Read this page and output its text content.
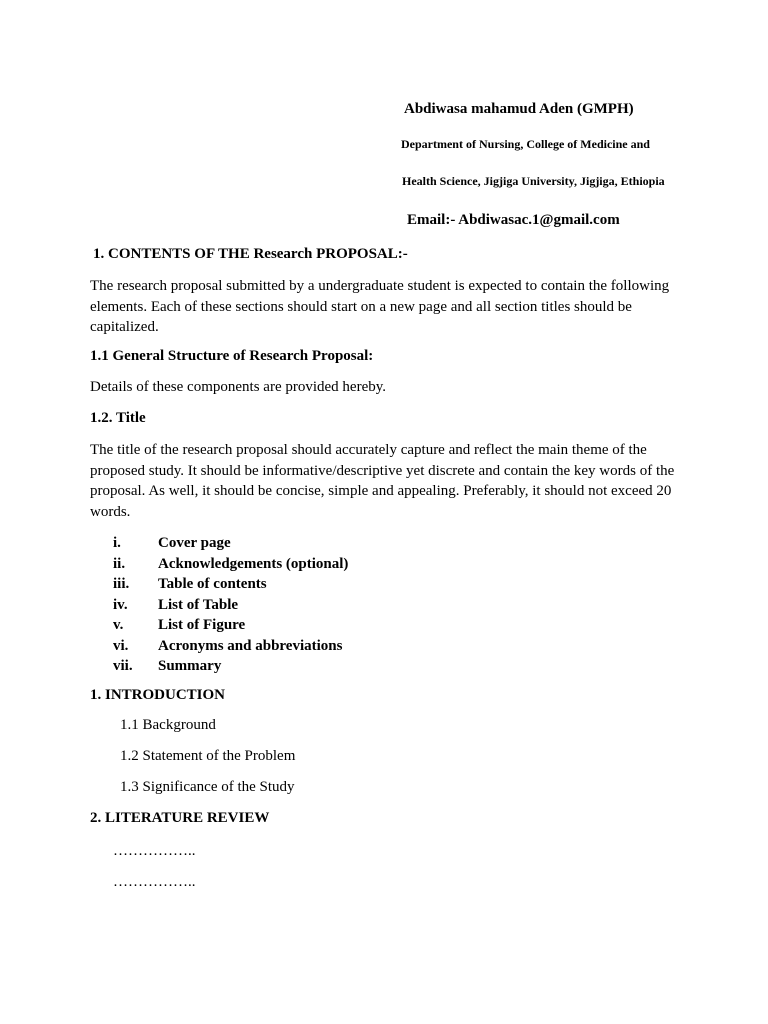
Abdiwasa mahamud Aden (GMPH)
Department of Nursing, College of Medicine and
Health Science, Jigjiga University, Jigjiga, Ethiopia
Email:- Abdiwasac.1@gmail.com
1. CONTENTS OF THE Research PROPOSAL:-

The research proposal submitted by a undergraduate student is expected to contain the following elements. Each of these sections should start on a new page and all section titles should be capitalized.

1.1 General Structure of Research Proposal:
Details of these components are provided hereby.
1.2. Title

The title of the research proposal should accurately capture and reflect the main theme of the proposed study. It should be informative/descriptive yet discrete and contain the key words of the proposal. As well, it should be concise, simple and appealing. Preferably, it should not exceed 20 words.

i.	Cover page
ii.	Acknowledgements (optional)
iii.	Table of contents
iv.	List of Table
v.	List of Figure
vi.	Acronyms and abbreviations
vii.	Summary
1. INTRODUCTION
1.1 Background
1.2 Statement of the Problem
1.3 Significance of the Study
2. LITERATURE REVIEW
……………..
……………..
